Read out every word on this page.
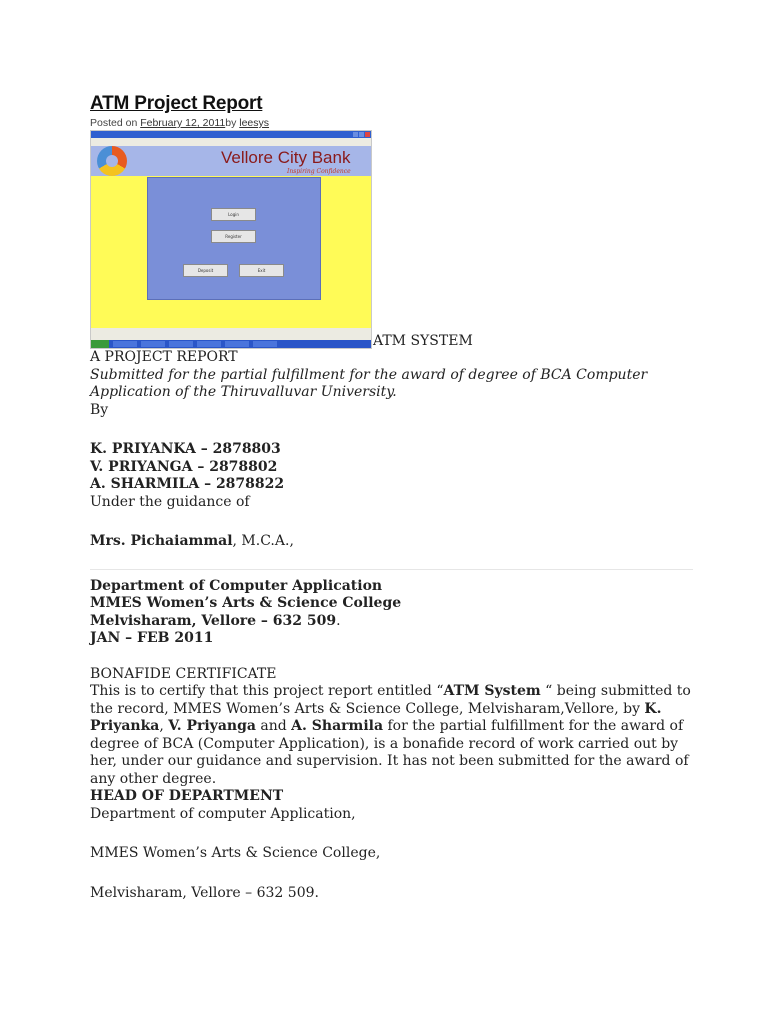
ATM Project Report
Posted on February 12, 2011by leesys
Vellore City Bank
Inspiring Confidence
Login
Register
Deposit	Exit
ATM SYSTEM

A PROJECT REPORT

Submitted for the partial fulfillment for the award of degree of BCA Computer Application of the Thiruvalluvar University.

By

K. PRIYANKA – 2878803

V. PRIYANGA – 2878802

A. SHARMILA – 2878822

Under the guidance of

Mrs. Pichaiammal, M.C.A.,

Department of Computer Application

MMES Women’s Arts & Science College

Melvisharam, Vellore – 632 509.

JAN – FEB 2011

BONAFIDE CERTIFICATE

This is to certify that this project report entitled “ATM System “ being submitted to the record, MMES Women’s Arts & Science College, Melvisharam,Vellore, by K. Priyanka, V. Priyanga and A. Sharmila for the partial fulfillment for the award of degree of BCA (Computer Application), is a bonafide record of work carried out by her, under our guidance and supervision. It has not been submitted for the award of any other degree.

HEAD OF DEPARTMENT

Department of computer Application,

MMES Women’s Arts & Science College,

Melvisharam, Vellore – 632 509.
